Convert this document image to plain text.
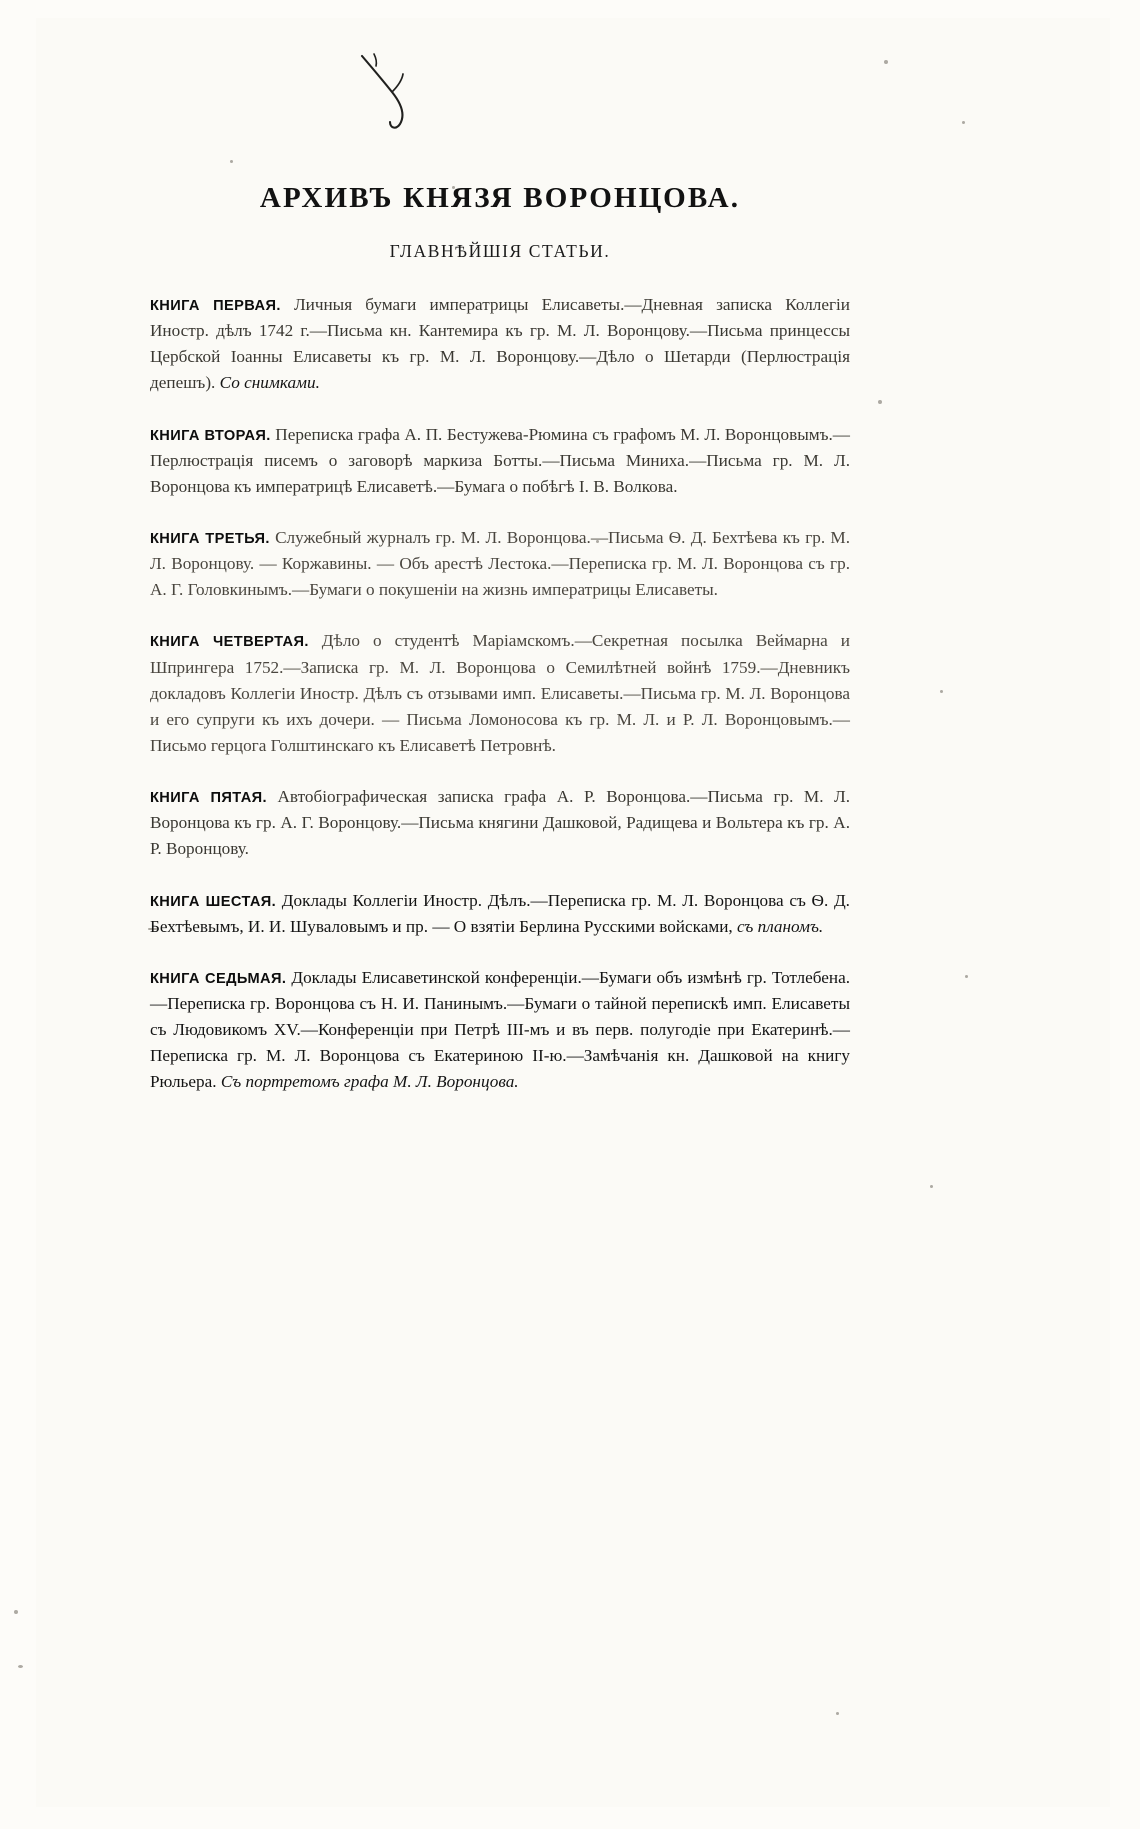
АРХИВЪ КНЯЗЯ ВОРОНЦОВА.
ГЛАВНѢЙШІЯ СТАТЬИ.

КНИГА ПЕРВАЯ. Личныя бумаги императрицы Елисаветы.—Дневная записка Коллегіи Иностр. дѣлъ 1742 г.—Письма кн. Кантемира къ гр. М. Л. Воронцову.—Письма принцессы Цербской Іоанны Елисаветы къ гр. М. Л. Воронцову.—Дѣло о Шетарди (Перлюстрація депешъ). Со снимками.

КНИГА ВТОРАЯ. Переписка графа А. П. Бестужева-Рюмина съ графомъ М. Л. Воронцовымъ.—Перлюстрація писемъ о заговорѣ маркиза Ботты.—Письма Миниха.—Письма гр. М. Л. Воронцова къ императрицѣ Елисаветѣ.—Бумага о побѣгѣ І. В. Волкова.

КНИГА ТРЕТЬЯ. Служебный журналъ гр. М. Л. Воронцова.—Письма Ѳ. Д. Бехтѣева къ гр. М. Л. Воронцову. — Коржавины. — Объ арестѣ Лестока.—Переписка гр. М. Л. Воронцова съ гр. А. Г. Головкинымъ.—Бумаги о покушеніи на жизнь императрицы Елисаветы.

КНИГА ЧЕТВЕРТАЯ. Дѣло о студентѣ Маріамскомъ.—Секретная посылка Веймарна и Шпрингера 1752.—Записка гр. М. Л. Воронцова о Семилѣтней войнѣ 1759.—Дневникъ докладовъ Коллегіи Иностр. Дѣлъ съ отзывами имп. Елисаветы.—Письма гр. М. Л. Воронцова и его супруги къ ихъ дочери. — Письма Ломоносова къ гр. М. Л. и Р. Л. Воронцовымъ.—Письмо герцога Голштинскаго къ Елисаветѣ Петровнѣ.

КНИГА ПЯТАЯ. Автобіографическая записка графа А. Р. Воронцова.—Письма гр. М. Л. Воронцова къ гр. А. Г. Воронцову.—Письма княгини Дашковой, Радищева и Вольтера къ гр. А. Р. Воронцову.

КНИГА ШЕСТАЯ. Доклады Коллегіи Иностр. Дѣлъ.—Переписка гр. М. Л. Воронцова съ Ѳ. Д. Бехтѣевымъ, И. И. Шуваловымъ и пр. — О взятіи Берлина Русскими войсками, съ планомъ.

КНИГА СЕДЬМАЯ. Доклады Елисаветинской конференціи.—Бумаги объ измѣнѣ гр. Тотлебена.—Переписка гр. Воронцова съ Н. И. Панинымъ.—Бумаги о тайной перепискѣ имп. Елисаветы съ Людовикомъ XV.—Конференціи при Петрѣ III-мъ и въ перв. полугодіе при Екатеринѣ.—Переписка гр. М. Л. Воронцова съ Екатериною II-ю.—Замѣчанія кн. Дашковой на книгу Рюльера. Съ портретомъ графа М. Л. Воронцова.
